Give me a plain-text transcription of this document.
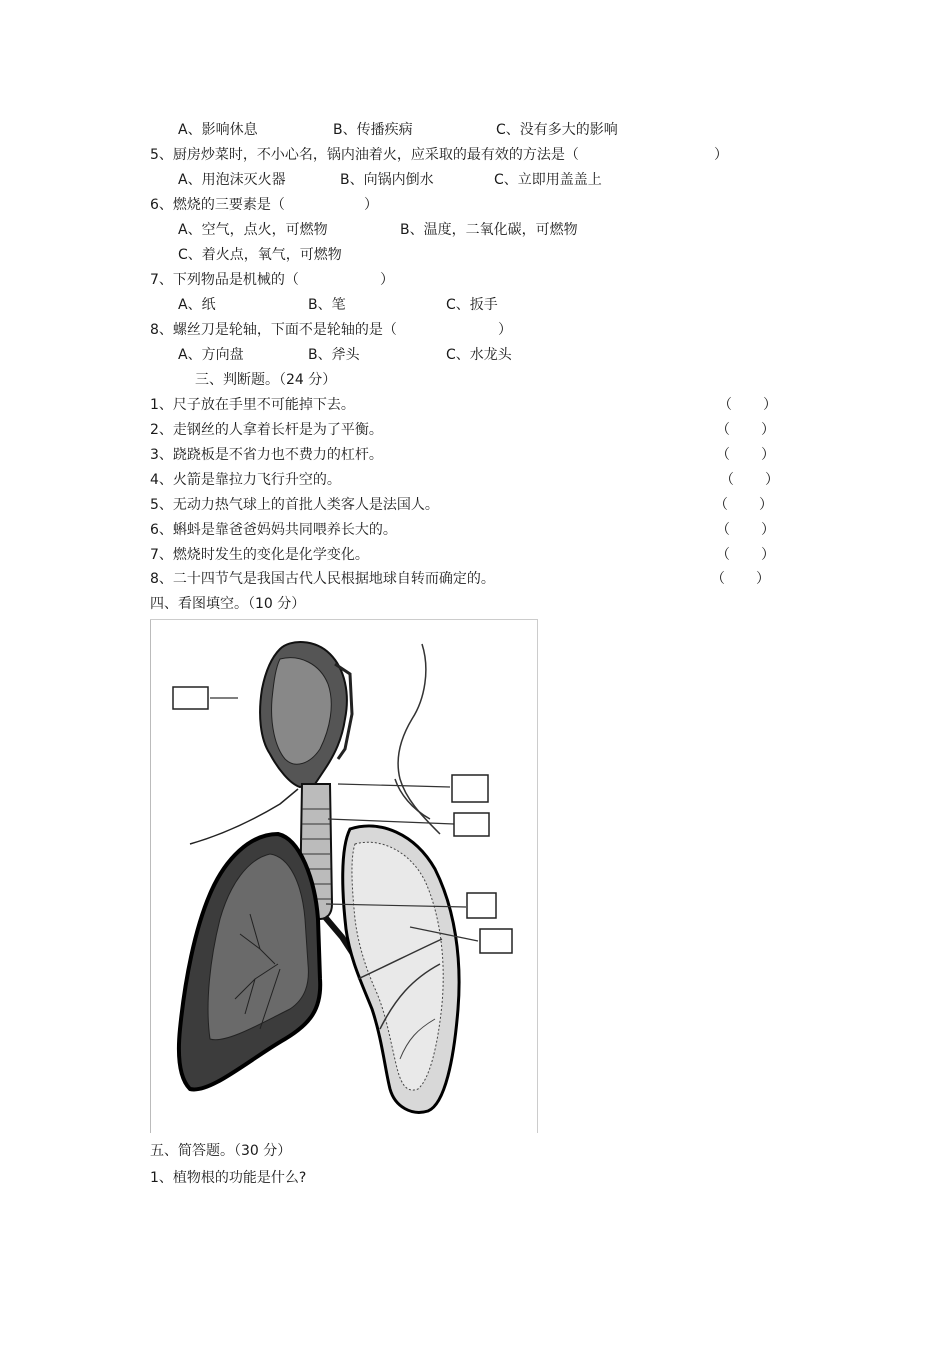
A、影响休息	B、传播疾病	C、没有多大的影响
5、厨房炒菜时，不小心名，锅内油着火，应采取的最有效的方法是（	）
A、用泡沫灭火器	B、向锅内倒水	C、立即用盖盖上
6、燃烧的三要素是（	）
A、空气，点火，可燃物	B、温度，二氧化碳，可燃物
C、着火点，氧气，可燃物
7、下列物品是机械的（	）
A、纸	B、笔	C、扳手
8、螺丝刀是轮轴，下面不是轮轴的是（	）
A、方向盘	B、斧头	C、水龙头
三、判断题。（24 分）
1、尺子放在手里不可能掉下去。	（ ）
2、走钢丝的人拿着长杆是为了平衡。	（ ）
3、跷跷板是不省力也不费力的杠杆。	（ ）
4、火箭是靠拉力飞行升空的。	（ ）
5、无动力热气球上的首批人类客人是法国人。	（ ）
6、蝌蚪是靠爸爸妈妈共同喂养长大的。	（ ）
7、燃烧时发生的变化是化学变化。	（ ）
8、二十四节气是我国古代人民根据地球自转而确定的。	（ ）
四、看图填空。（10 分）
五、简答题。（30 分）
1、植物根的功能是什么?
